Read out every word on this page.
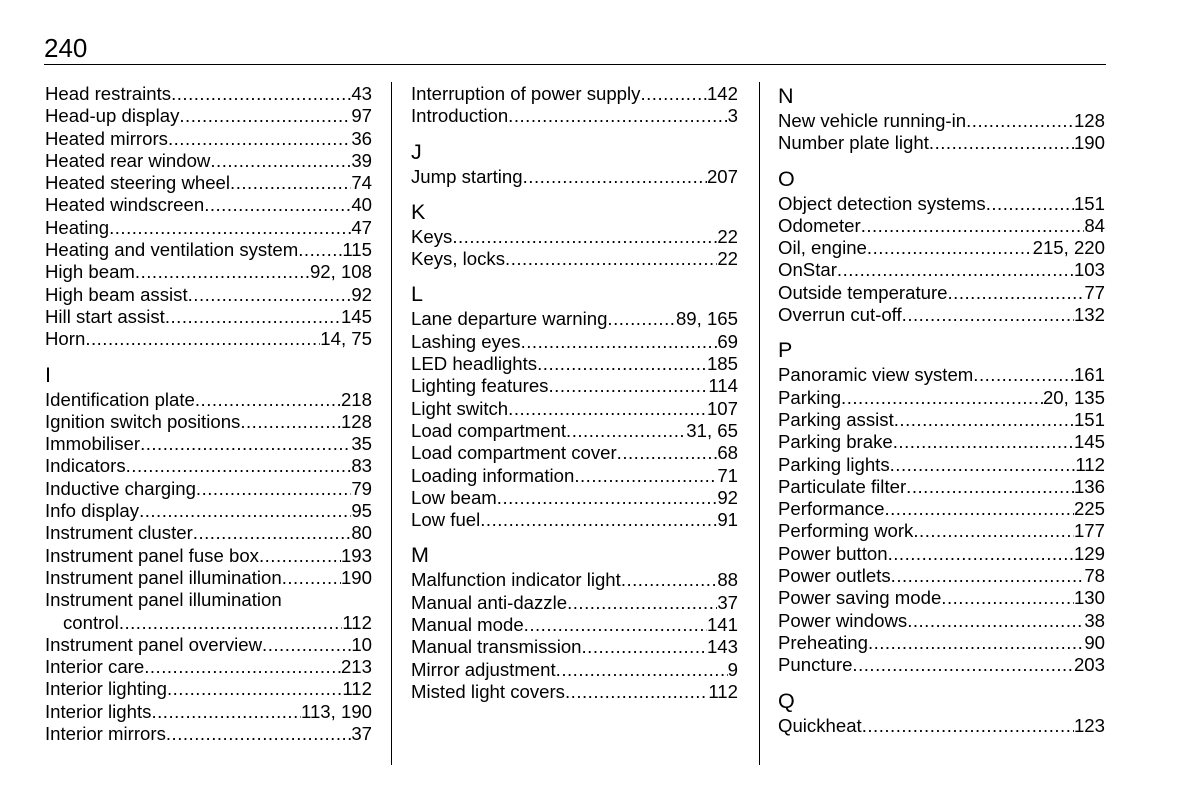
240
Head restraints .....	43
Head-up display .....	97
Heated mirrors .....	36
Heated rear window .....	39
Heated steering wheel .....	74
Heated windscreen .....	40
Heating .....	47
Heating and ventilation system ..... 115
High beam .....	92, 108
High beam assist .....	92
Hill start assist .....	145
Horn .....	14, 75
I
Identification plate .....	218
Ignition switch positions .....	128
Immobiliser .....	35
Indicators .....	83
Inductive charging .....	79
Info display .....	95
Instrument cluster .....	80
Instrument panel fuse box .....	193
Instrument panel illumination .....	190
Instrument panel illumination
control .....	112
Instrument panel overview .....	10
Interior care .....	213
Interior lighting .....	112
Interior lights .....	113, 190
Interior mirrors .....	37
Interruption of power supply .....	142
Introduction .....	3
J
Jump starting .....	207
K
Keys .....	22
Keys, locks .....	22
L
Lane departure warning .....	89, 165
Lashing eyes .....	69
LED headlights .....	185
Lighting features .....	114
Light switch .....	107
Load compartment .....	31, 65
Load compartment cover .....	68
Loading information .....	71
Low beam .....	92
Low fuel .....	91
M
Malfunction indicator light .....	88
Manual anti-dazzle .....	37
Manual mode .....	141
Manual transmission .....	143
Mirror adjustment .....	9
Misted light covers .....	112
N
New vehicle running-in .....	128
Number plate light .....	190
O
Object detection systems .....	151
Odometer .....	84
Oil, engine .....	215, 220
OnStar .....	103
Outside temperature .....	77
Overrun cut-off .....	132
P
Panoramic view system .....	161
Parking .....	20, 135
Parking assist .....	151
Parking brake .....	145
Parking lights .....	112
Particulate filter .....	136
Performance .....	225
Performing work .....	177
Power button .....	129
Power outlets .....	78
Power saving mode .....	130
Power windows .....	38
Preheating .....	90
Puncture .....	203
Q
Quickheat .....	123
